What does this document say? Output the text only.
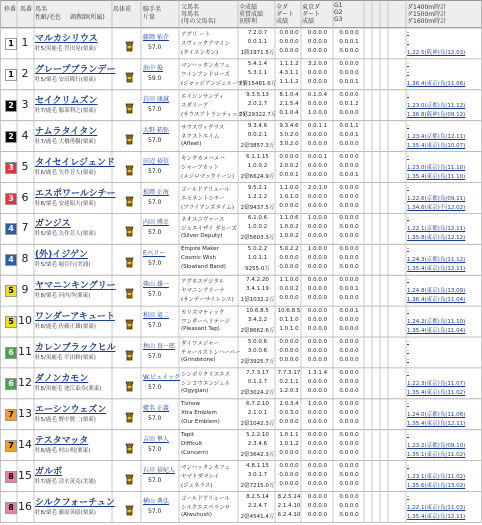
枠番 馬番 馬名
性齢/毛色 調教師(所属)
馬体重 騎手名
斤量
父馬名
母馬名
(母の父馬名)
全成績
重賞成績
初勝利
全ダ
ダート
成績
東京ダ
ダート
成績
G1
G2
G3
ダ1400m時計
ダ1500m時計
ダ1600m時計
1 1 マルカシリウス
牡5/黒鹿毛 曽田晃(栗東)
藤岡 佑介
57.0
アグリ ート
スヴィックアマイン
(タイスンガン)
7.2.0.7
0.0.1.1
1勝1971.5万
0.0.0.0
0.0.0.0
0.0.0.0
0.0.0.0
0.0.0.0
0.0.0.0
0.0.0.0
0.0.0.1
0.0.0.0
-
-
1.22.5(阪神)良(12.03)
1 2 グレープブランデー
牡5/栗毛 安田隆行(栗東)
浜中 俊
59.0
マンハッタンカフェ
ワインアンドローズ
(ジャッジアンジェルーチ)
5.4.1.4
5.3.1.1
2勝15481.6万
1.1.1.2
4.3.1.1
1.1.1.2
3.2.0.0
0.0.0.0
0.0.0.0
0.0.0.0
0.0.0.0
0.0.0.1
-
-
1.36.4(東京)良(11.06)
2 3 セイクリムズン
牡7/鹿毛 服部利之(栗東)
岩田 康誠
57.0
エイシンサンディ
スダリーア
(サウスアトランティック)
9.3.5.13
2.0.1.7
2億29322.7万
8.1.0.4
2.1.5.4
0.1.0.4
0.1.0.4
0.0.0.0
1.0.0.0
0.0.0.0
0.0.1.2
0.0.0.0
-
1.23.0(京都)良(11.12)
1.36.8(阪神)良(09.12)
2 4 ナムラタイタン
牡7/鹿毛 大橋勇樹(栗東)
大野 拓弥
57.0
サウスヴィグラス
ネクストエイム
(Afleet)
9.3.4.6
0.0.2.1
2億3857.3万
9.3.4.6
3.0.2.0
3.0.2.0
0.0.1.1
0.0.0.0
0.0.0.0
0.0.1.1
0.0.0.1
0.0.0.0
-
1.23.4(京都)良(12.11)
1.35.4(東京)良(10.07)
3 5 タイセイレジェンド
牡6/鹿毛 矢作芳人(栗東)
田辺 裕信
57.0
キングカメハメハ
シャーブカット
(メジロマックイーン)
6.1.1.15
1.0.0.2
2億6624.9万
0.0.0.0
2.0.0.2
0.0.0.1
0.0.0.1
0.0.0.0
0.0.0.0
0.0.0.0
0.0.0.0
0.0.0.1
-
1.23.0(東京)良(11.10)
1.35.4(東京)良(11.10)
3 6 エスポワールシチー
牡8/栗毛 安達昭夫(栗東)
松岡 正海
57.0
ゴールドアリュール
エミネントシチー
(ブライアンズタイム)
9.5.2.1
1.2.1.2
2億9437.5万
1.1.0.0
1.0.1.0
0.0.0.0
2.0.1.0
0.0.0.0
0.0.0.0
0.0.0.0
0.0.0.0
0.0.0.0
-
1.22.6(京都)良(09.11)
1.34.6(東京)不(12.02)
4 7 ガンジス
牡5/栗毛 矢作芳人(栗東)
内田 博幸
57.0
ネオユニヴァース
ジュエイザイ ダヒーズ
(Silver Deputy)
6.1.0.6
1.0.0.2
2億5603.3万
1.1.0.6
1.0.0.2
1.0.0.2
1.0.0.0
0.0.0.0
0.0.0.0
0.0.0.0
0.0.0.0
0.0.0.0
-
1.22.1(京都)良(12.11)
1.35.8(東京)良(12.12)
4 8 (外)イジゲン
牡5/栗毛 堀宣行(美浦)
F.ベリー
57.0
Empire Maker
Cosmic Wish
(Slowland Band)
5.0.2.2
1.0.1.1
9255.0万
5.0.2.2
0.0.0.0
0.0.0.0
1.0.0.0
0.0.0.0
0.0.0.0
0.0.0.0
0.0.0.0
0.0.0.0
-
1.24.3(京都)良(11.12)
1.35.4(東京)良(12.11)
5 9 ヤマニンキングリー
牡8/栗毛 河内洋(栗東)
柴山 雄一
57.0
アグネスデジタル
ヤマニンアリーナ
(サンデーサイレンス)
7.4.2.20
3.4.1.19
1億1032.2万
1.1.0.0
0.0.0.2
0.0.0.0
0.0.0.0
0.0.0.0
0.0.0.0
0.0.0.0
0.0.0.1
0.0.0.0
-
1.24.8(東京)良(13.09)
1.36.4(東京)良(11.04)
5 10 ワンダーアキュート
牡8/鹿毛 佐藤正雄(栗東)
和田 竜二
57.0
カリズマティック
ワンダーヘリテージ
(Pleasant Tap)
10.6.8.5
3.4.2.2
2億8662.6万
10.6.8.5
0.1.1.0
1.0.1.0
0.0.0.0
0.0.0.0
0.0.0.0
0.0.0.1
0.0.0.0
0.0.0.0
-
1.24.2(京都)良(11.10)
1.35.4(東京)良(11.04)
6 11 カレンブラックヒル
牡5/黒鹿毛 平田修(栗東)
秋山 真一郎
57.0
ダイワメジャー
チャールストンハーバー
(Grindstone)
5.0.0.6
3.0.0.6
2億3925.7万
0.0.0.0
0.0.0.0
0.0.0.0
0.0.0.0
0.0.0.0
0.0.0.0
0.0.0.0
0.0.0.0
0.0.0.0
-
-
-
6 12 ダノンカモン
牡8/黒鹿毛 池江泰寿(栗東)
W.ビュイック
57.0
シンボリクリスエス
シンコウエンジェル
(Ogygian)
7.7.3.17
0.1.1.7
2億3024.2万
7.7.3.17
0.2.1.1
1.2.0.3
1.3.1.4
0.0.0.0
0.0.0.0
0.0.0.0
0.0.0.0
0.0.0.0
-
1.22.3(東京)良(11.07)
1.35.4(東京)良(11.02)
7 13 エーシンウェズン
牡5/鹿毛 野中賢二(栗東)
蛯名 正義
57.0
Tiznow
Xtra Emblem
(Our Emblem)
6.7.2.10
2.1.0.1
2億1042.3万
2.0.3.4
0.0.3.0
0.0.0.0
1.0.0.0
0.0.0.0
0.0.0.0
0.0.0.0
0.0.0.0
0.0.0.0
-
1.24.0(京都)良(11.06)
1.35.4(東京)良(12.11)
7 14 テスタマッタ
牡8/鹿毛 村山明(栗東)
吉田 隼人
57.0
Tapit
Difficult
(Concern)
5.2.2.10
2.3.4.6
2億3642.3万
1.0.1.1
1.0.1.2
0.0.0.0
0.0.0.0
0.0.0.0
0.0.0.0
0.0.0.0
0.0.0.0
0.0.0.0
-
1.23.2(京都)良(09.10)
1.35.1(東京)良(11.02)
8 15 ガルボ
牡7/鹿毛 清水英克(美浦)
石川 裕紀人
57.0
マンハッタンカフェ
ヤマトダマシイ
(ジェネラス)
4.8.1.15
3.0.1.7
2億7215.0万
0.0.0.0
0.0.0.0
0.0.0.0
0.0.0.0
0.0.0.0
0.0.0.0
0.0.0.0
0.0.0.0
0.0.0.0
-
1.23.1(東京)良(11.02)
1.35.6(東京)良(13.02)
8 16 シルクフォーチュン
牡8/栗毛 藤原英昭(栗東)
横山 典弘
57.0
ゴールドアリュール
シルクエスペランサ
(Alwuhush)
8.2.5.14
2.2.4.7
2億4541.4万
8.2.5.14
2.1.4.10
6.2.4.10
0.0.0.0
0.0.0.0
0.0.0.0
0.0.0.0
0.0.0.0
0.0.0.0
-
1.22.1(東京)良(11.03)
1.35.4(東京)良(12.11)
